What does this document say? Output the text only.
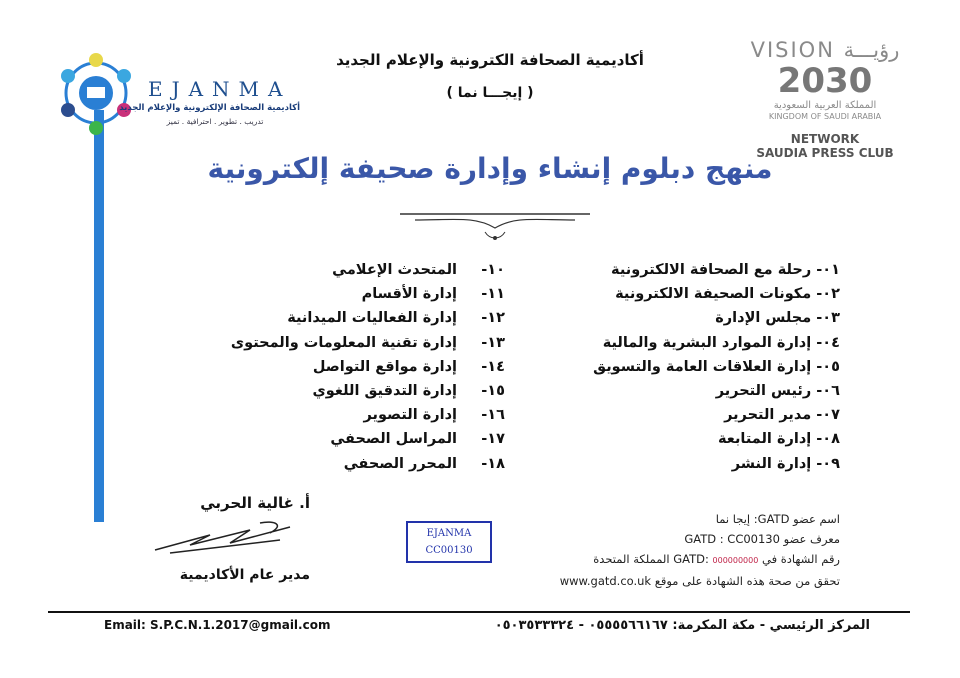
EJANMA
أكاديمية الصحافة الإلكترونية والإعلام الجديد
تدريب . تطوير . احترافية . تميز
أكاديمية الصحافة الكترونية والإعلام الجديد
( إيجـــا نما )
VISION رؤيـــة
2030
المملكة العربية السعودية
KINGDOM OF SAUDI ARABIA
NETWORK
SAUDIA PRESS CLUB
منهج دبلوم إنشاء وإدارة صحيفة إلكترونية
٠١- رحلة مع الصحافة الالكترونية
٠٢- مكونات الصحيفة الالكترونية
٠٣- مجلس الإدارة
٠٤- إدارة الموارد البشرية والمالية
٠٥- إدارة العلاقات العامة والتسويق
٠٦- رئيس التحرير
٠٧- مدير التحرير
٠٨- إدارة المتابعة
٠٩- إدارة النشر
١٠-
المتحدث الإعلامي
١١-
إدارة الأقسام
١٢-
إدارة الفعاليات الميدانية
١٣-
إدارة تقنية المعلومات والمحتوى
١٤-
إدارة مواقع التواصل
١٥-
إدارة التدقيق اللغوي
١٦-
إدارة التصوير
١٧-
المراسل الصحفي
١٨-
المحرر الصحفي
أ. غالية الحربي
مدير عام الأكاديمية
EJANMA
CC00130
اسم عضو GATD: إيجا نما
معرف عضو GATD : CC00130
رقم الشهادة في GATD: 000000000 المملكة المتحدة
تحقق من صحة هذه الشهادة على موقع www.gatd.co.uk
Email: S.P.C.N.1.2017@gmail.com	المركز الرئيسي - مكة المكرمة: ٠٥٥٥٥٦٦١٦٧ - ٠٥٠٣٥٣٣٣٢٤
